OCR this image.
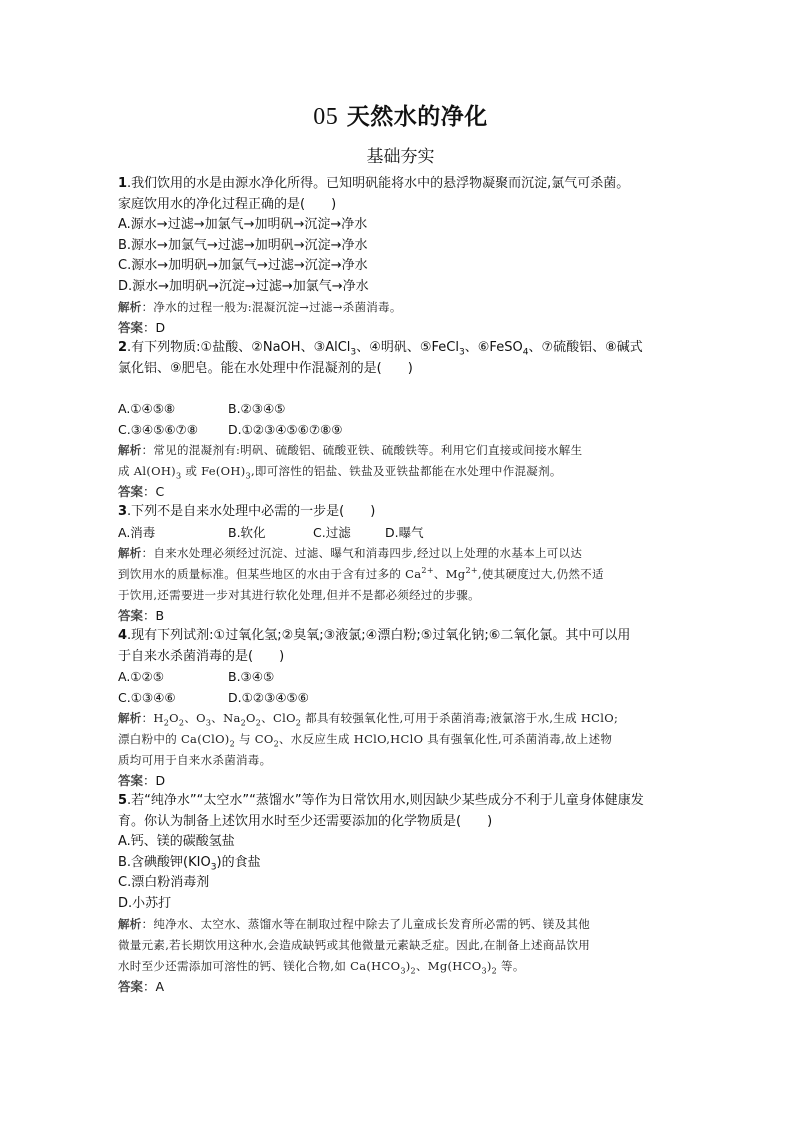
05 天然水的净化
基础夯实
1.我们饮用的水是由源水净化所得。已知明矾能将水中的悬浮物凝聚而沉淀,氯气可杀菌。
家庭饮用水的净化过程正确的是(　　)
A.源水→过滤→加氯气→加明矾→沉淀→净水
B.源水→加氯气→过滤→加明矾→沉淀→净水
C.源水→加明矾→加氯气→过滤→沉淀→净水
D.源水→加明矾→沉淀→过滤→加氯气→净水
解析：净水的过程一般为:混凝沉淀→过滤→杀菌消毒。
答案：D
2.有下列物质:①盐酸、②NaOH、③AlCl$_3$、④明矾、⑤FeCl$_3$、⑥FeSO$_4$、⑦硫酸铝、⑧碱式
氯化铝、⑨肥皂。能在水处理中作混凝剂的是(　　)
A.①④⑤⑧	B.②③④⑤
C.③④⑤⑥⑦⑧	D.①②③④⑤⑥⑦⑧⑨
解析：常见的混凝剂有:明矾、硫酸铝、硫酸亚铁、硫酸铁等。利用它们直接或间接水解生
成 $Al(OH)_3$ 或 $Fe(OH)_3$,即可溶性的铝盐、铁盐及亚铁盐都能在水处理中作混凝剂。
答案：C
3.下列不是自来水处理中必需的一步是(　　)
A.消毒	B.软化	C.过滤	D.曝气
解析：自来水处理必须经过沉淀、过滤、曝气和消毒四步,经过以上处理的水基本上可以达
到饮用水的质量标准。但某些地区的水由于含有过多的 $Ca^{2+}$、$Mg^{2+}$,使其硬度过大,仍然不适
于饮用,还需要进一步对其进行软化处理,但并不是都必须经过的步骤。
答案：B
4.现有下列试剂:①过氧化氢;②臭氧;③液氯;④漂白粉;⑤过氧化钠;⑥二氧化氯。其中可以用
于自来水杀菌消毒的是(　　)
A.①②⑤	B.③④⑤
C.①③④⑥	D.①②③④⑤⑥
解析：$H_2O_2$、$O_3$、$Na_2O_2$、ClO$_2$ 都具有较强氧化性,可用于杀菌消毒;液氯溶于水,生成 HClO;
漂白粉中的 $Ca(ClO)_2$ 与 $CO_2$、水反应生成 HClO,HClO 具有强氧化性,可杀菌消毒,故上述物
质均可用于自来水杀菌消毒。
答案：D
5.若“纯净水”“太空水”“蒸馏水”等作为日常饮用水,则因缺少某些成分不利于儿童身体健康发
育。你认为制备上述饮用水时至少还需要添加的化学物质是(　　)
A.钙、镁的碳酸氢盐
B.含碘酸钾$(KIO_3)$的食盐
C.漂白粉消毒剂
D.小苏打
解析：纯净水、太空水、蒸馏水等在制取过程中除去了儿童成长发育所必需的钙、镁及其他
微量元素,若长期饮用这种水,会造成缺钙或其他微量元素缺乏症。因此,在制备上述商品饮用
水时至少还需添加可溶性的钙、镁化合物,如 $Ca(HCO_3)_2$、$Mg(HCO_3)_2$ 等。
答案：A
